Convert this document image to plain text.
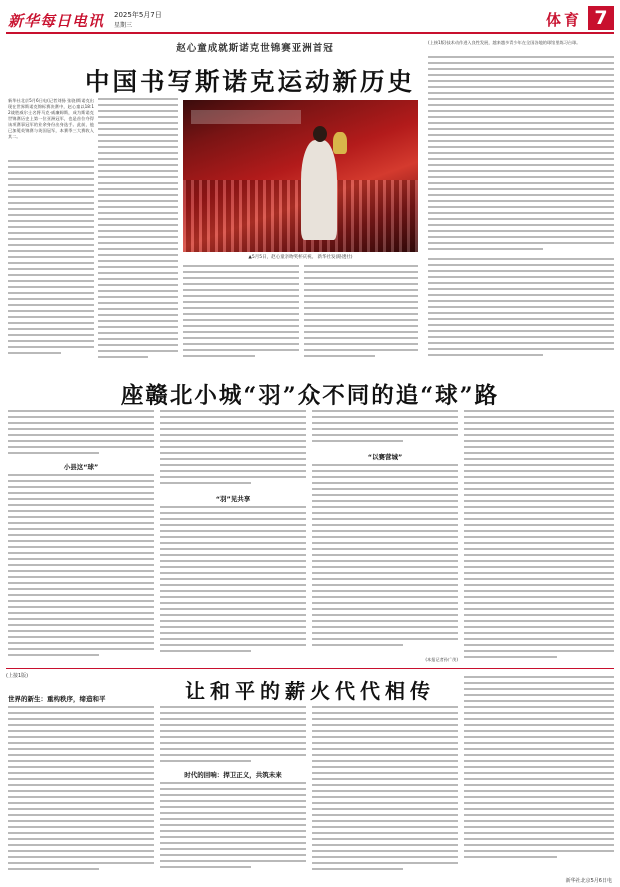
新华每日电讯 2025年5月7日
星期三	体育 7
赵心童成就斯诺克世锦赛亚洲首冠
中国书写斯诺克运动新历史
新华社北京5月6日电(记者刘扬 张骁)斯诺克出现在世界斯诺克锦标赛决赛中，赵心童以18:12战胜威尔士名将马克·威廉姆斯，成为斯诺克世锦赛历史上第一位亚洲冠军，也是首位夺得该项赛事冠军的业余身份出身选手。此前，他已加冕英锦赛与英国冠军，本赛季三大赛收入其二。
▲5月5日，赵心童亲吻奖杯庆祝。 新华社发(路透社)
(上接1版)技术动作进入良性发展，越来越多青少年在全国各地的球馆里练习台球。
座赣北小城“羽”众不同的追“球”路
小县这“球”
“羽”见共享
“以赛营城”
(本报记者孙广茂)
(上接1版)
让和平的薪火代代相传
世界的新生：重构秩序，缔造和平
时代的回响：捍卫正义，共筑未来
新华社北京5月6日电
